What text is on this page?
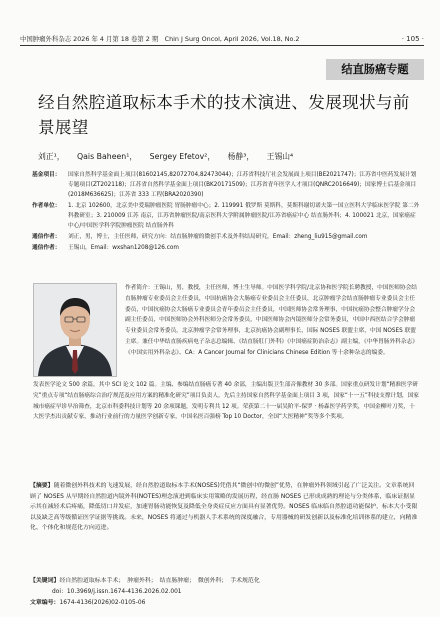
中国肿瘤外科杂志 2026 年 4 月第 18 卷第 2 期　Chin J Surg Oncol, April 2026, Vol.18, No.2	· 105 ·
结直肠癌专题
经自然腔道取标本手术的技术演进、发展现状与前景展望
刘正¹， Qais Baheen¹， Sergey Efetov²， 杨静³， 王锡山⁴
基金项目：	国家自然科学基金面上项目(81602145,82072704,82473044)；江苏省科技厅社会发展面上项目(BE2021747)；江苏省中医药发展计划专题项目(ZT202118)；江苏省自然科学基金面上项目(BK20171509)；江苏省青年医学人才项目(QNRC2016649)；国家博士后基金项目(2018M636625)；江苏省 333 工程(BRA2020390)
作者单位：	1. 北京 102600，北京美中爱瑞肿瘤医院 胃肠肿瘤中心；2. 119991 俄罗斯 莫斯科，莫斯科谢切诺夫第一国立医科大学临床医学院 第二外科教研室；3. 210009 江苏 南京，江苏省肿瘤医院/南京医科大学附属肿瘤医院/江苏省癌症中心 结直肠外科；4. 100021 北京，国家癌症中心/中国医学科学院肿瘤医院 结直肠外科
通信作者：	刘正，男，博士，主任医师，研究方向：结直肠肿瘤的微创手术及外科结局研究，Email：zheng_liu915@gmail.com
通信作者：	王锡山，Email：wxshan1208@126.com
作者简介：王锡山，男，教授，主任医师，博士生导师。中国医学科学院/北京协和医学院长聘教授，中国医师协会结直肠肿瘤专业委员会主任委员，中国抗癌协会大肠癌专业委员会主任委员，北京肿瘤学会结直肠肿瘤专业委员会主任委员，中国抗癌协会大肠癌专业委员会青年委员会主任委员，中国医师协会常务理事，中国抗癌协会整合肿瘤学分会副主任委员，中国医师协会外科医师分会常务委员，中国医师协会内镜医师分会常务委员，中国中西医结合学会肿瘤专业委员会常务委员，北京肿瘤学会常务理事，北京抗癌协会副理事长，国际 NOSES 联盟主席，中国 NOSES 联盟主席。兼任中华结直肠疾病电子杂志总编辑、《结直肠肛门外科》《中国癌症防治杂志》副主编，《中华胃肠外科杂志》《中国实用外科杂志》、CA：A Cancer Journal for Clinicians Chinese Edition 等十余种杂志的编委。
发表医学论文 500 余篇，其中 SCI 论文 102 篇。主编、参编结直肠癌专著 40 余部，主编出版卫生部音像教材 30 多部。国家重点研发计划“精准医学研究”重点专项“结直肠癌综合治疗规范及应用方案的精准化研究”项目负责人。先后主持国家自然科学基金面上项目 3 项，国家“十一五”科技支撑计划，国家城市癌症早诊早治筛查，北京市科委科技计划等 20 余项课题，发明专利共 12 项。荣获第二十一届吴阶平-保罗 · 杨森医学药学奖，中国金柳叶刀奖，十大医学杰出贡献专家，推动行业前行的力量医学创新专家，中国名医百强榜 Top 10 Doctor，全国“大医精神”奖等多个奖项。
【摘要】随着微创外科技术的飞速发展，经自然腔道取标本手术(NOSES)凭借其“微创中的微创”优势，在肿瘤外科领域引起了广泛关注。文章系统回顾了 NOSES 从早期经自然腔道内镜外科(NOTES)理念演进到临床实用策略的发展历程，经直肠 NOSES 已形成成熟的理论与分类体系，临床证据显示其在减轻术后疼痛，降低切口并发症，加速胃肠功能恢复及降低全身炎症反应方面具有显著优势。NOSES 临床临自然腔道功能保护，标本大小受限以及缺乏高等级循证医学证据等挑战。未来，NOSES 将通过与机器人手术系统的深度融合，专用器械的研发创新以及标准化培训体系的建立，向精准化、个体化和规范化方向迈进。
【关键词】经自然腔道取标本手术；　肿瘤外科；　结直肠肿瘤；　微创外科；　手术规范化
doi：10.3969/j.issn.1674-4136.2026.02.001
文章编号：1674-4136(2026)02-0105-06
